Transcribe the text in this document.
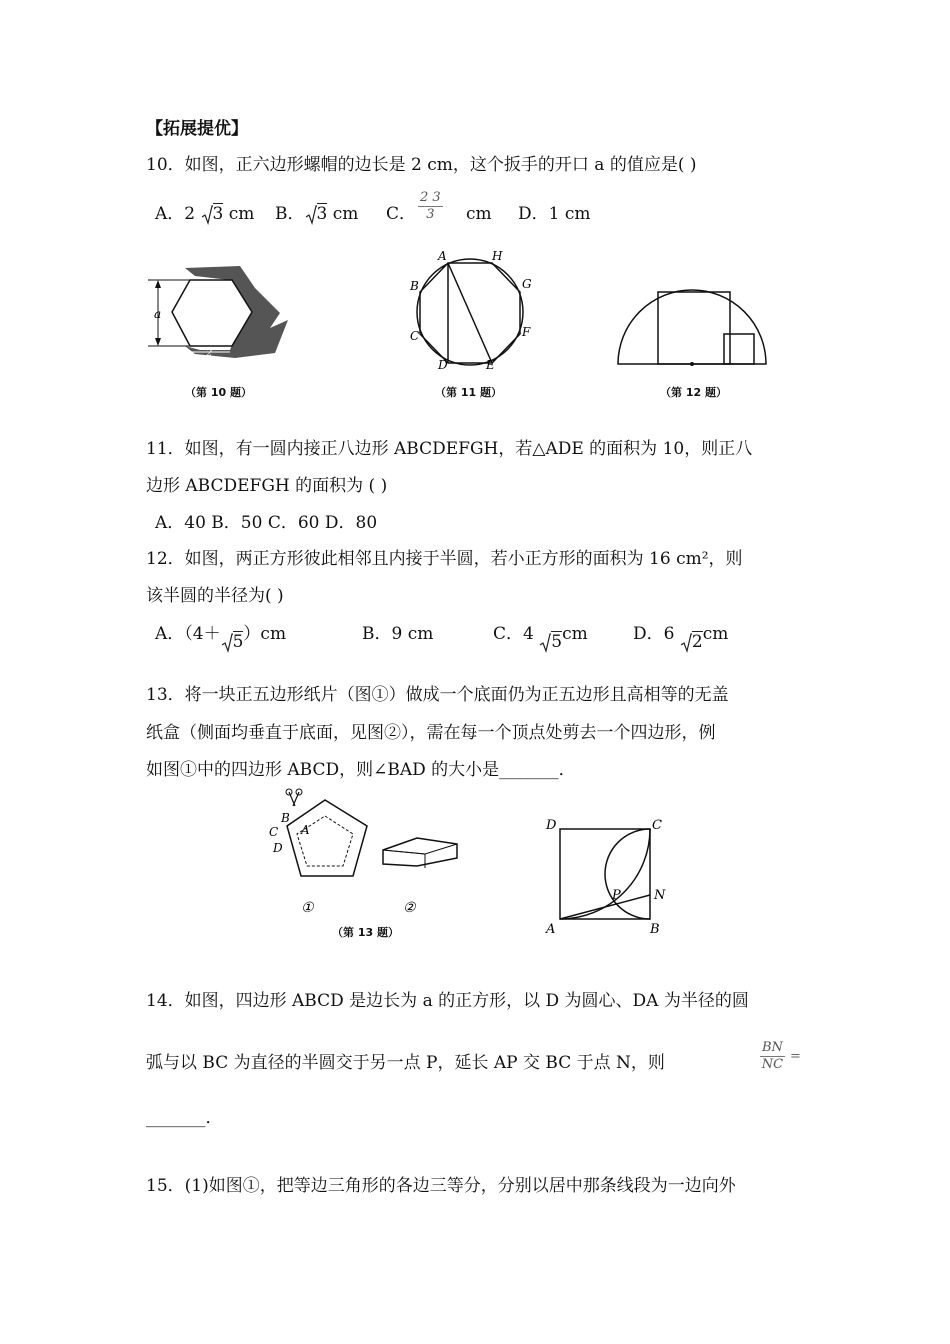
【拓展提优】
10．如图，正六边形螺帽的边长是 2 cm，这个扳手的开口 a 的值应是( )
A．2 3 cm B． 3 cm C． $\frac{2 3}{3}$ cm D．1 cm
a
2
（第 10 题）
A	H
B	G
C	F
D	E
（第 11 题）	（第 12 题）
11．如图，有一圆内接正八边形 ABCDEFGH，若△ADE 的面积为 10，则正八
边形 ABCDEFGH 的面积为 ( )
A．40 B．50 C．60 D．80
12．如图，两正方形彼此相邻且内接于半圆，若小正方形的面积为 16 cm²，则
该半圆的半径为( )
A．（4＋ 5）cm	B．9 cm	C．4 5cm	D．6 2cm
13．将一块正五边形纸片（图①）做成一个底面仍为正五边形且高相等的无盖
纸盒（侧面均垂直于底面，见图②），需在每一个顶点处剪去一个四边形，例
如图①中的四边形 ABCD，则∠BAD 的大小是_______．
B
C
D
A
①	②
（第 13 题）
D	C
P	N
A	B
14．如图，四边形 ABCD 是边长为 a 的正方形，以 D 为圆心、DA 为半径的圆
弧与以 BC 为直径的半圆交于另一点 P，延长 AP 交 BC 于点 N，则	$\frac{BN}{NC}$ =
_______．
15．(1)如图①，把等边三角形的各边三等分，分别以居中那条线段为一边向外
